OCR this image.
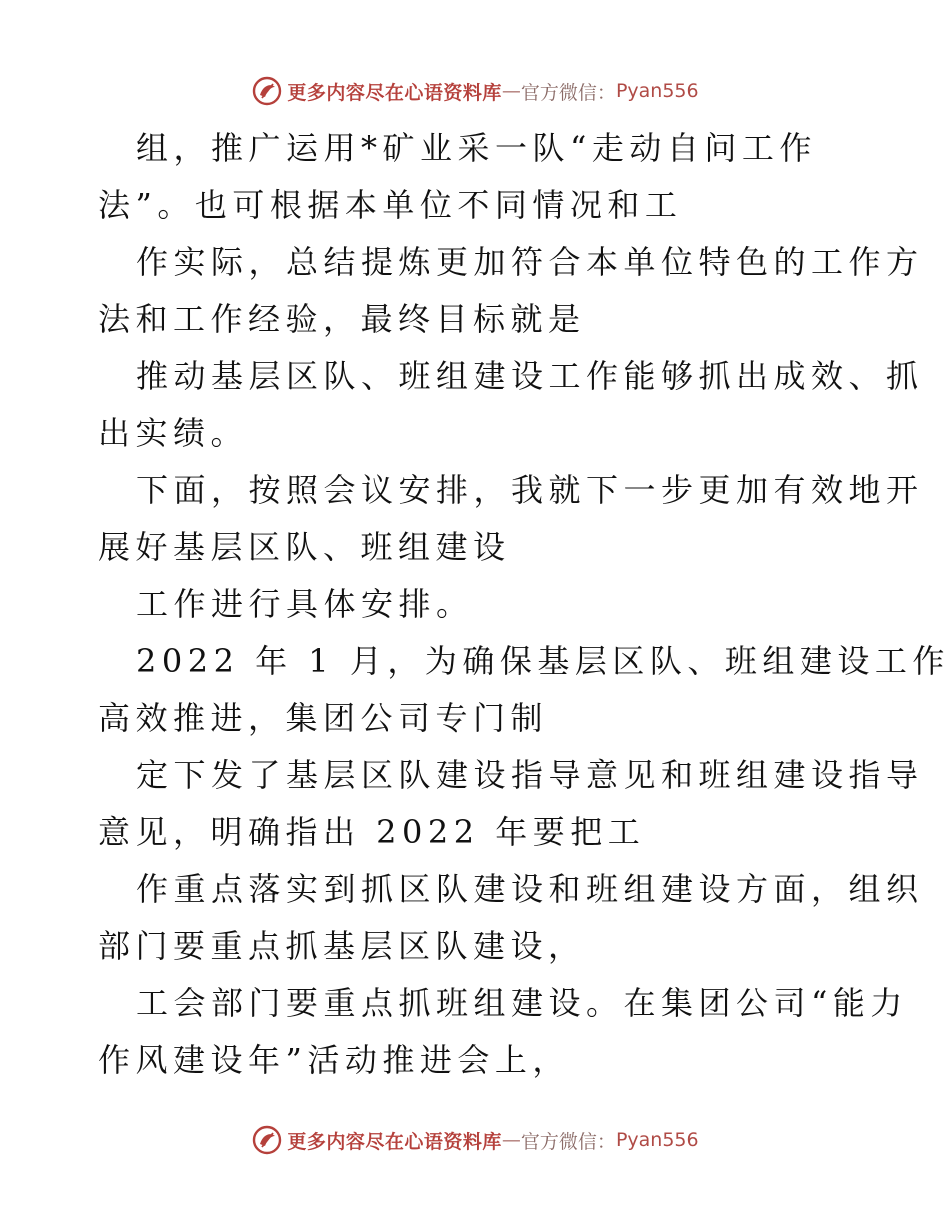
更多内容尽在心语资料库 — 官方微信： Pyan556

组，推广运用*矿业采一队“走动自问工作
法”。也可根据本单位不同情况和工

作实际，总结提炼更加符合本单位特色的工作方
法和工作经验，最终目标就是

推动基层区队、班组建设工作能够抓出成效、抓
出实绩。

下面，按照会议安排，我就下一步更加有效地开
展好基层区队、班组建设

工作进行具体安排。

2022 年 1 月，为确保基层区队、班组建设工作
高效推进，集团公司专门制

定下发了基层区队建设指导意见和班组建设指导
意见，明确指出 2022 年要把工

作重点落实到抓区队建设和班组建设方面，组织
部门要重点抓基层区队建设，

工会部门要重点抓班组建设。在集团公司“能力
作风建设年”活动推进会上，

更多内容尽在心语资料库 — 官方微信： Pyan556
